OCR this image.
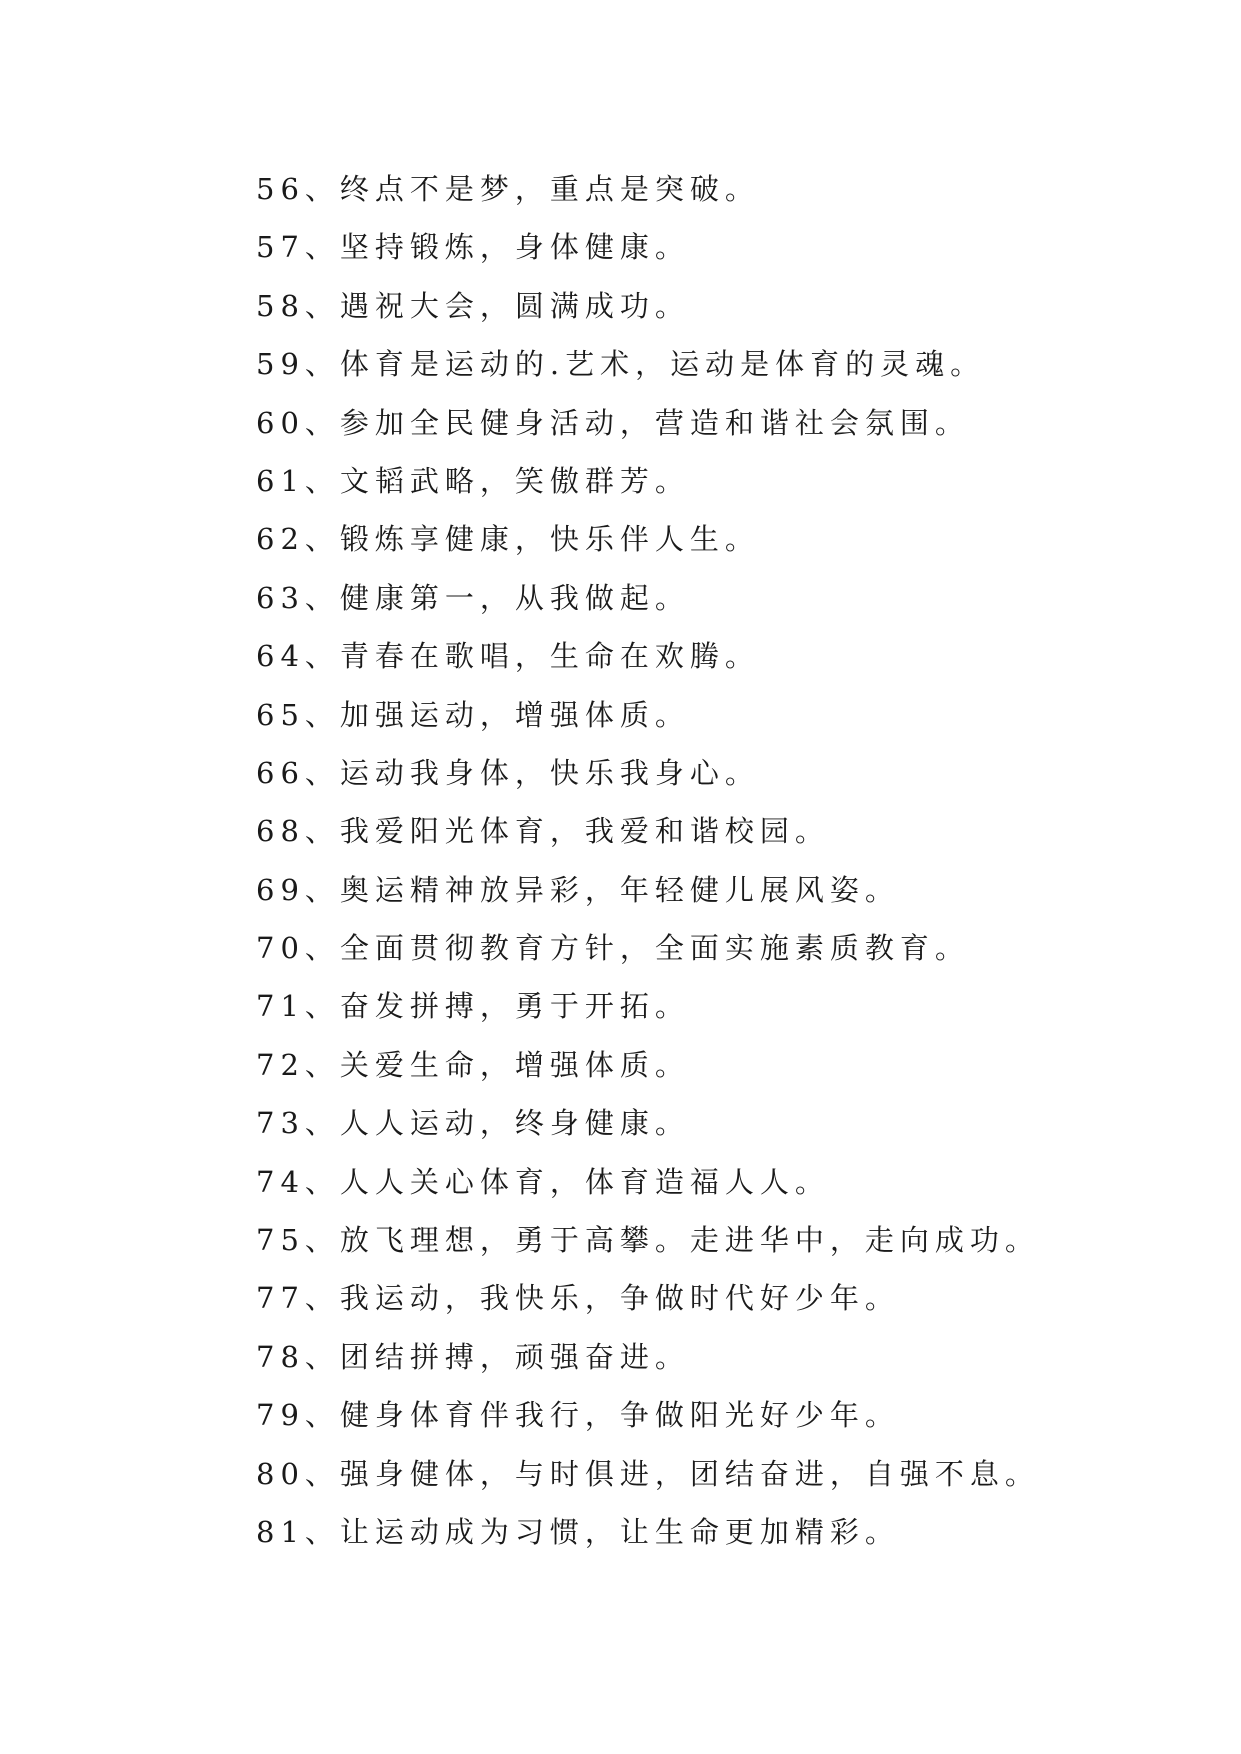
56、终点不是梦，重点是突破。
57、坚持锻炼，身体健康。
58、遇祝大会，圆满成功。
59、体育是运动的.艺术，运动是体育的灵魂。
60、参加全民健身活动，营造和谐社会氛围。
61、文韬武略，笑傲群芳。
62、锻炼享健康，快乐伴人生。
63、健康第一，从我做起。
64、青春在歌唱，生命在欢腾。
65、加强运动，增强体质。
66、运动我身体，快乐我身心。
68、我爱阳光体育，我爱和谐校园。
69、奥运精神放异彩，年轻健儿展风姿。
70、全面贯彻教育方针，全面实施素质教育。
71、奋发拼搏，勇于开拓。
72、关爱生命，增强体质。
73、人人运动，终身健康。
74、人人关心体育，体育造福人人。
75、放飞理想，勇于高攀。走进华中，走向成功。
77、我运动，我快乐，争做时代好少年。
78、团结拼搏，顽强奋进。
79、健身体育伴我行，争做阳光好少年。
80、强身健体，与时俱进，团结奋进，自强不息。
81、让运动成为习惯，让生命更加精彩。
